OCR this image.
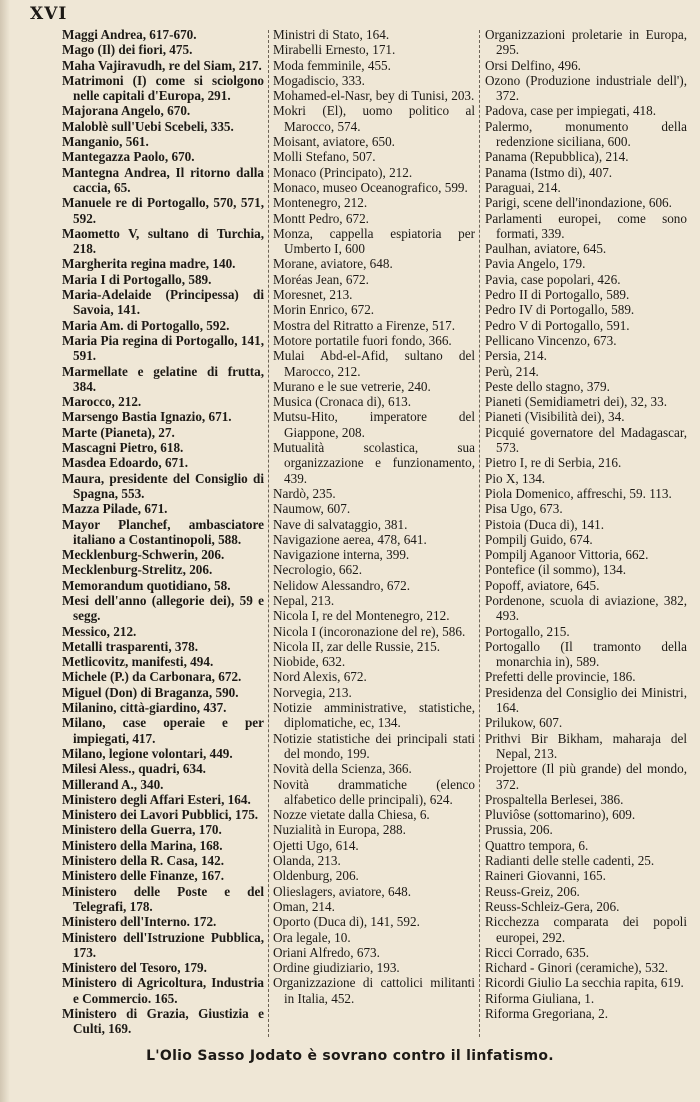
XVI
Maggi Andrea, 617-670.
Mago (Il) dei fiori, 475.
Maha Vajiravudh, re del Siam, 217.
Matrimoni (I) come si sciolgono nelle capitali d'Europa, 291.
Majorana Angelo, 670.
Maloblè sull'Uebi Scebeli, 335.
Manganio, 561.
Mantegazza Paolo, 670.
Mantegna Andrea, Il ritorno dalla caccia, 65.
Manuele re di Portogallo, 570, 571, 592.
Maometto V, sultano di Turchia, 218.
Margherita regina madre, 140.
Maria I di Portogallo, 589.
Maria-Adelaide (Principessa) di Savoia, 141.
Maria Am. di Portogallo, 592.
Maria Pia regina di Portogallo, 141, 591.
Marmellate e gelatine di frutta, 384.
Marocco, 212.
Marsengo Bastia Ignazio, 671.
Marte (Pianeta), 27.
Mascagni Pietro, 618.
Masdea Edoardo, 671.
Maura, presidente del Consiglio di Spagna, 553.
Mazza Pilade, 671.
Mayor Planchef, ambasciatore italiano a Costantinopoli, 588.
Mecklenburg-Schwerin, 206.
Mecklenburg-Strelitz, 206.
Memorandum quotidiano, 58.
Mesi dell'anno (allegorie dei), 59 e segg.
Messico, 212.
Metalli trasparenti, 378.
Metlicovitz, manifesti, 494.
Michele (P.) da Carbonara, 672.
Miguel (Don) di Braganza, 590.
Milanino, città-giardino, 437.
Milano, case operaie e per impiegati, 417.
Milano, legione volontari, 449.
Milesi Aless., quadri, 634.
Millerand A., 340.
Ministero degli Affari Esteri, 164.
Ministero dei Lavori Pubblici, 175.
Ministero della Guerra, 170.
Ministero della Marina, 168.
Ministero della R. Casa, 142.
Ministero delle Finanze, 167.
Ministero delle Poste e del Telegrafi, 178.
Ministero dell'Interno. 172.
Ministero dell'Istruzione Pubblica, 173.
Ministero del Tesoro, 179.
Ministero di Agricoltura, Industria e Commercio. 165.
Ministero di Grazia, Giustizia e Culti, 169.
Ministri di Stato, 164.
Mirabelli Ernesto, 171.
Moda femminile, 455.
Mogadiscio, 333.
Mohamed-el-Nasr, bey di Tunisi, 203.
Mokri (El), uomo politico al Marocco, 574.
Moisant, aviatore, 650.
Molli Stefano, 507.
Monaco (Principato), 212.
Monaco, museo Oceanografico, 599.
Montenegro, 212.
Montt Pedro, 672.
Monza, cappella espiatoria per Umberto I, 600
Morane, aviatore, 648.
Moréas Jean, 672.
Moresnet, 213.
Morin Enrico, 672.
Mostra del Ritratto a Firenze, 517.
Motore portatile fuori fondo, 366.
Mulai Abd-el-Afid, sultano del Marocco, 212.
Murano e le sue vetrerie, 240.
Musica (Cronaca di), 613.
Mutsu-Hito, imperatore del Giappone, 208.
Mutualità scolastica, sua organizzazione e funzionamento, 439.
Nardò, 235.
Naumow, 607.
Nave di salvataggio, 381.
Navigazione aerea, 478, 641.
Navigazione interna, 399.
Necrologio, 662.
Nelidow Alessandro, 672.
Nepal, 213.
Nicola I, re del Montenegro, 212.
Nicola I (incoronazione del re), 586.
Nicola II, zar delle Russie, 215.
Niobide, 632.
Nord Alexis, 672.
Norvegia, 213.
Notizie amministrative, statistiche, diplomatiche, ec, 134.
Notizie statistiche dei principali stati del mondo, 199.
Novità della Scienza, 366.
Novità drammatiche (elenco alfabetico delle principali), 624.
Nozze vietate dalla Chiesa, 6.
Nuzialità in Europa, 288.
Ojetti Ugo, 614.
Olanda, 213.
Oldenburg, 206.
Olieslagers, aviatore, 648.
Oman, 214.
Oporto (Duca di), 141, 592.
Ora legale, 10.
Oriani Alfredo, 673.
Ordine giudiziario, 193.
Organizzazione di cattolici militanti in Italia, 452.
Organizzazioni proletarie in Europa, 295.
Orsi Delfino, 496.
Ozono (Produzione industriale dell'), 372.
Padova, case per impiegati, 418.
Palermo, monumento della redenzione siciliana, 600.
Panama (Repubblica), 214.
Panama (Istmo di), 407.
Paraguai, 214.
Parigi, scene dell'inondazione, 606.
Parlamenti europei, come sono formati, 339.
Paulhan, aviatore, 645.
Pavia Angelo, 179.
Pavia, case popolari, 426.
Pedro II di Portogallo, 589.
Pedro IV di Portogallo, 589.
Pedro V di Portogallo, 591.
Pellicano Vincenzo, 673.
Persia, 214.
Perù, 214.
Peste dello stagno, 379.
Pianeti (Semidiametri dei), 32, 33.
Pianeti (Visibilità dei), 34.
Picquié governatore del Madagascar, 573.
Pietro I, re di Serbia, 216.
Pio X, 134.
Piola Domenico, affreschi, 59. 113.
Pisa Ugo, 673.
Pistoia (Duca di), 141.
Pompilj Guido, 674.
Pompilj Aganoor Vittoria, 662.
Pontefice (il sommo), 134.
Popoff, aviatore, 645.
Pordenone, scuola di aviazione, 382, 493.
Portogallo, 215.
Portogallo (Il tramonto della monarchia in), 589.
Prefetti delle provincie, 186.
Presidenza del Consiglio dei Ministri, 164.
Prilukow, 607.
Prithvi Bir Bikham, maharaja del Nepal, 213.
Projettore (Il più grande) del mondo, 372.
Prospaltella Berlesei, 386.
Pluviôse (sottomarino), 609.
Prussia, 206.
Quattro tempora, 6.
Radianti delle stelle cadenti, 25.
Raineri Giovanni, 165.
Reuss-Greiz, 206.
Reuss-Schleiz-Gera, 206.
Ricchezza comparata dei popoli europei, 292.
Ricci Corrado, 635.
Richard - Ginori (ceramiche), 532.
Ricordi Giulio La secchia rapita, 619.
Riforma Giuliana, 1.
Riforma Gregoriana, 2.
L'Olio Sasso Jodato è sovrano contro il linfatismo.
